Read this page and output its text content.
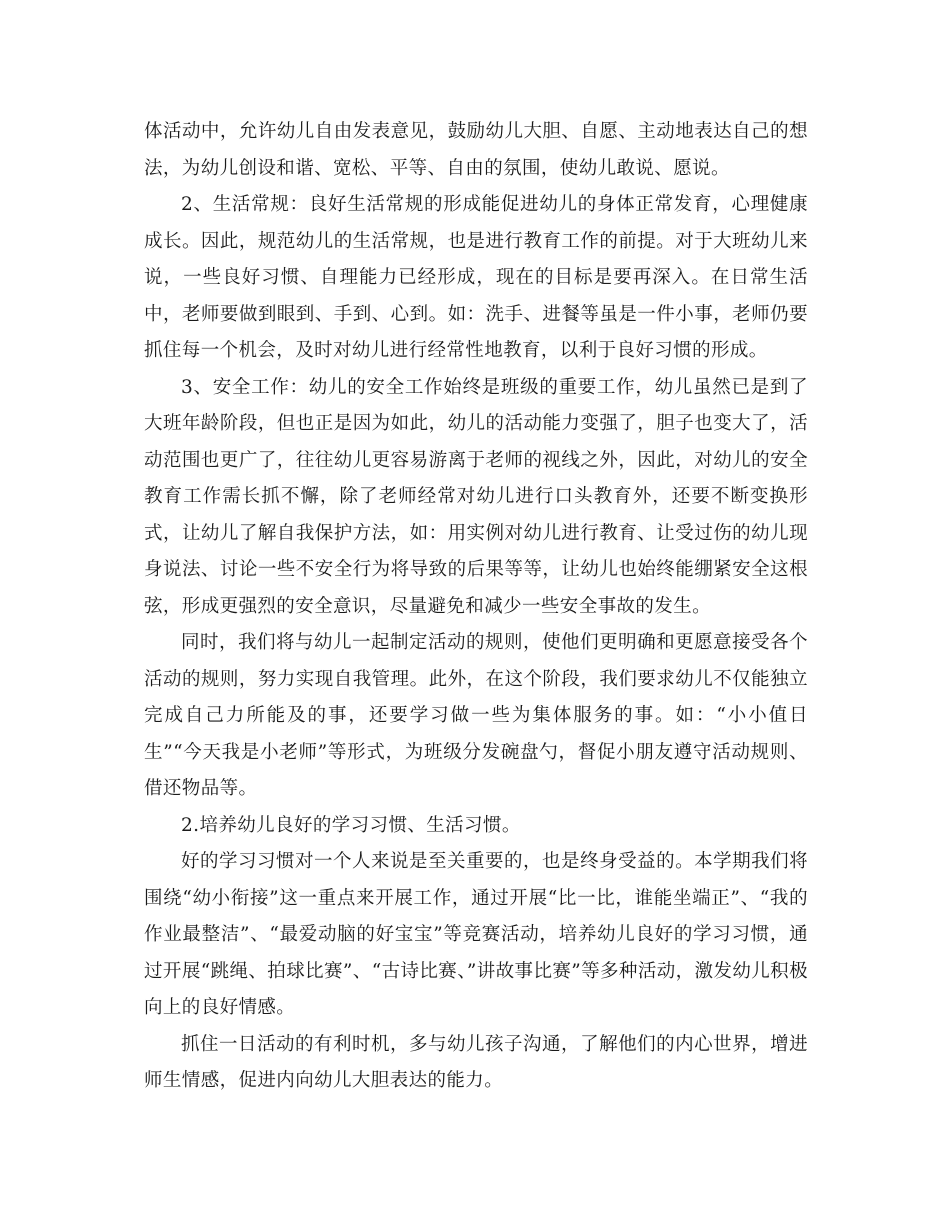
体活动中，允许幼儿自由发表意见，鼓励幼儿大胆、自愿、主动地表达自己的想法，为幼儿创设和谐、宽松、平等、自由的氛围，使幼儿敢说、愿说。

2、生活常规：良好生活常规的形成能促进幼儿的身体正常发育，心理健康成长。因此，规范幼儿的生活常规，也是进行教育工作的前提。对于大班幼儿来说，一些良好习惯、自理能力已经形成，现在的目标是要再深入。在日常生活中，老师要做到眼到、手到、心到。如：洗手、进餐等虽是一件小事，老师仍要抓住每一个机会，及时对幼儿进行经常性地教育，以利于良好习惯的形成。

3、安全工作：幼儿的安全工作始终是班级的重要工作，幼儿虽然已是到了大班年龄阶段，但也正是因为如此，幼儿的活动能力变强了，胆子也变大了，活动范围也更广了，往往幼儿更容易游离于老师的视线之外，因此，对幼儿的安全教育工作需长抓不懈，除了老师经常对幼儿进行口头教育外，还要不断变换形式，让幼儿了解自我保护方法，如：用实例对幼儿进行教育、让受过伤的幼儿现身说法、讨论一些不安全行为将导致的后果等等，让幼儿也始终能绷紧安全这根弦，形成更强烈的安全意识，尽量避免和减少一些安全事故的发生。

同时，我们将与幼儿一起制定活动的规则，使他们更明确和更愿意接受各个活动的规则，努力实现自我管理。此外，在这个阶段，我们要求幼儿不仅能独立完成自己力所能及的事，还要学习做一些为集体服务的事。如：“小小值日生”“今天我是小老师”等形式，为班级分发碗盘勺，督促小朋友遵守活动规则、借还物品等。

2.培养幼儿良好的学习习惯、生活习惯。

好的学习习惯对一个人来说是至关重要的，也是终身受益的。本学期我们将围绕“幼小衔接”这一重点来开展工作，通过开展“比一比，谁能坐端正”、“我的作业最整洁”、“最爱动脑的好宝宝”等竞赛活动，培养幼儿良好的学习习惯，通过开展“跳绳、拍球比赛”、“古诗比赛、”讲故事比赛”等多种活动，激发幼儿积极向上的良好情感。

抓住一日活动的有利时机，多与幼儿孩子沟通，了解他们的内心世界，增进师生情感，促进内向幼儿大胆表达的能力。
